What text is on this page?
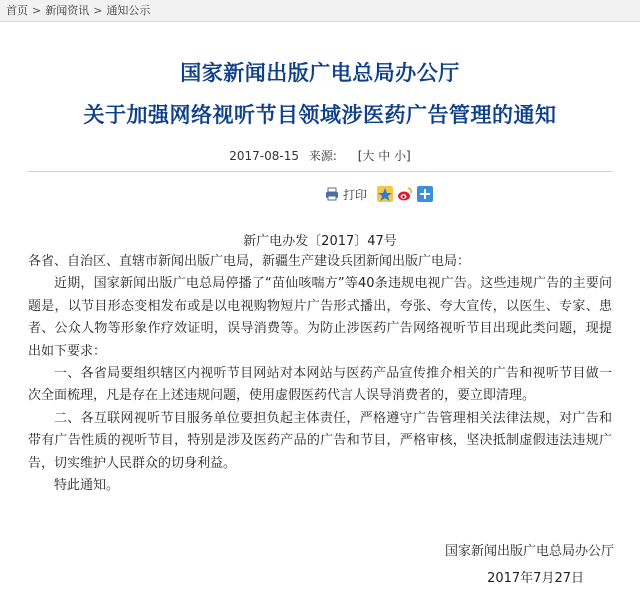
首页 > 新闻资讯 > 通知公示
国家新闻出版广电总局办公厅
关于加强网络视听节目领域涉医药广告管理的通知
2017-08-15 来源: [大 中 小]
打印
新广电办发〔2017〕47号

各省、自治区、直辖市新闻出版广电局，新疆生产建设兵团新闻出版广电局：

近期，国家新闻出版广电总局停播了“苗仙咳喘方”等40条违规电视广告。这些违规广告的主要问题是，以节目形态变相发布或是以电视购物短片广告形式播出，夸张、夸大宣传，以医生、专家、患者、公众人物等形象作疗效证明，误导消费等。为防止涉医药广告网络视听节目出现此类问题，现提出如下要求：

一、各省局要组织辖区内视听节目网站对本网站与医药产品宣传推介相关的广告和视听节目做一次全面梳理，凡是存在上述违规问题，使用虚假医药代言人误导消费者的，要立即清理。

二、各互联网视听节目服务单位要担负起主体责任，严格遵守广告管理相关法律法规，对广告和带有广告性质的视听节目，特别是涉及医药产品的广告和节目，严格审核，坚决抵制虚假违法违规广告，切实维护人民群众的切身利益。

特此通知。

国家新闻出版广电总局办公厅
2017年7月27日
